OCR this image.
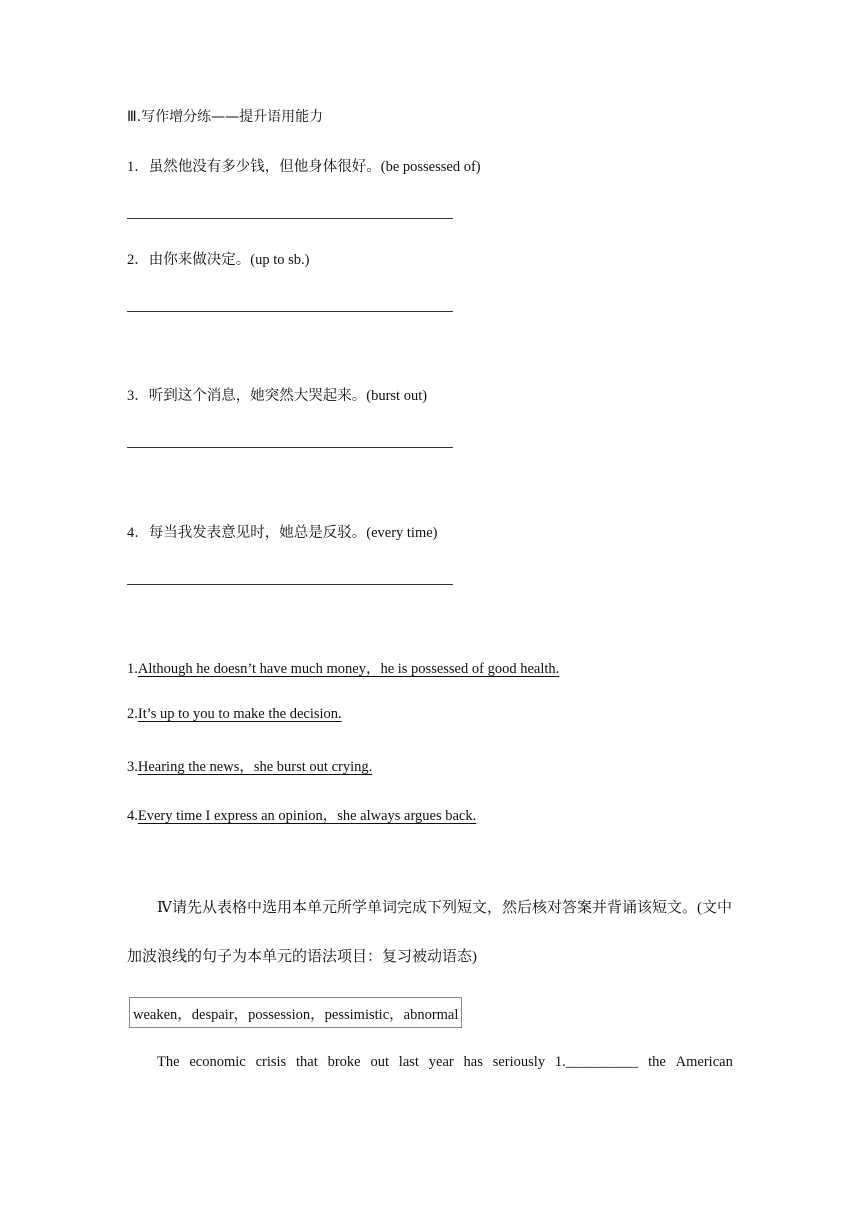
Ⅲ.写作增分练——提升语用能力
1．虽然他没有多少钱，但他身体很好。(be possessed of)
2．由你来做决定。(up to sb.)
3．听到这个消息，她突然大哭起来。(burst out)
4．每当我发表意见时，她总是反驳。(every time)
1.Although he doesn’t have much money，he is possessed of good health.
2.It’s up to you to make the decision.
3.Hearing the news，she burst out crying.
4.Every time I express an opinion，she always argues back.
Ⅳ请先从表格中选用本单元所学单词完成下列短文，然后核对答案并背诵该短文。(文中
加波浪线的句子为本单元的语法项目：复习被动语态)
weaken，despair，possession，pessimistic，abnormal
The economic crisis that broke out last year has seriously 1.__________ the American
